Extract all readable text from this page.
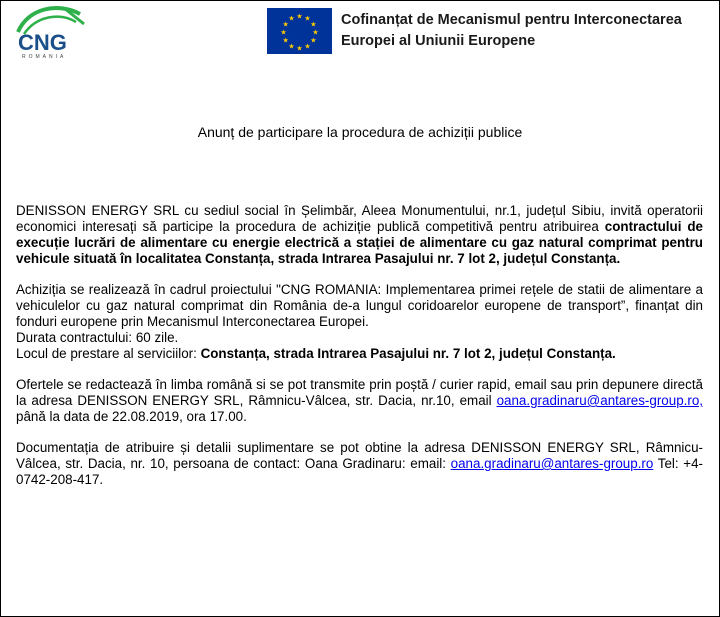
CNG
ROMANIA
★ ★
★
★
★
★
★
★
★
★
★
★	Cofinanțat de Mecanismul pentru Interconectarea
Europei al Uniunii Europene
Anunț de participare la procedura de achiziții publice

DENISSON ENERGY SRL cu sediul social în Șelimbăr, Aleea Monumentului, nr.1, județul Sibiu, invită operatorii economici interesați să participe la procedura de achiziție publică competitivă pentru atribuirea contractului de execuție lucrări de alimentare cu energie electrică a stației de alimentare cu gaz natural comprimat pentru vehicule situată în localitatea Constanța, strada Intrarea Pasajului nr. 7 lot 2, județul Constanța.

Achiziția se realizează în cadrul proiectului "CNG ROMANIA: Implementarea primei rețele de statii de alimentare a vehiculelor cu gaz natural comprimat din România de-a lungul coridoarelor europene de transport”, finanțat din fonduri europene prin Mecanismul Interconectarea Europei.

Durata contractului: 60 zile.

Locul de prestare al serviciilor: Constanța, strada Intrarea Pasajului nr. 7 lot 2, județul Constanța.

Ofertele se redactează în limba română si se pot transmite prin poștă / curier rapid, email sau prin depunere directă la adresa DENISSON ENERGY SRL, Râmnicu-Vâlcea, str. Dacia, nr.10, email oana.gradinaru@antares-group.ro, până la data de 22.08.2019, ora 17.00.

Documentația de atribuire și detalii suplimentare se pot obtine la adresa DENISSON ENERGY SRL, Râmnicu-Vâlcea, str. Dacia, nr. 10, persoana de contact: Oana Gradinaru: email: oana.gradinaru@antares-group.ro Tel: +4-0742-208-417.
